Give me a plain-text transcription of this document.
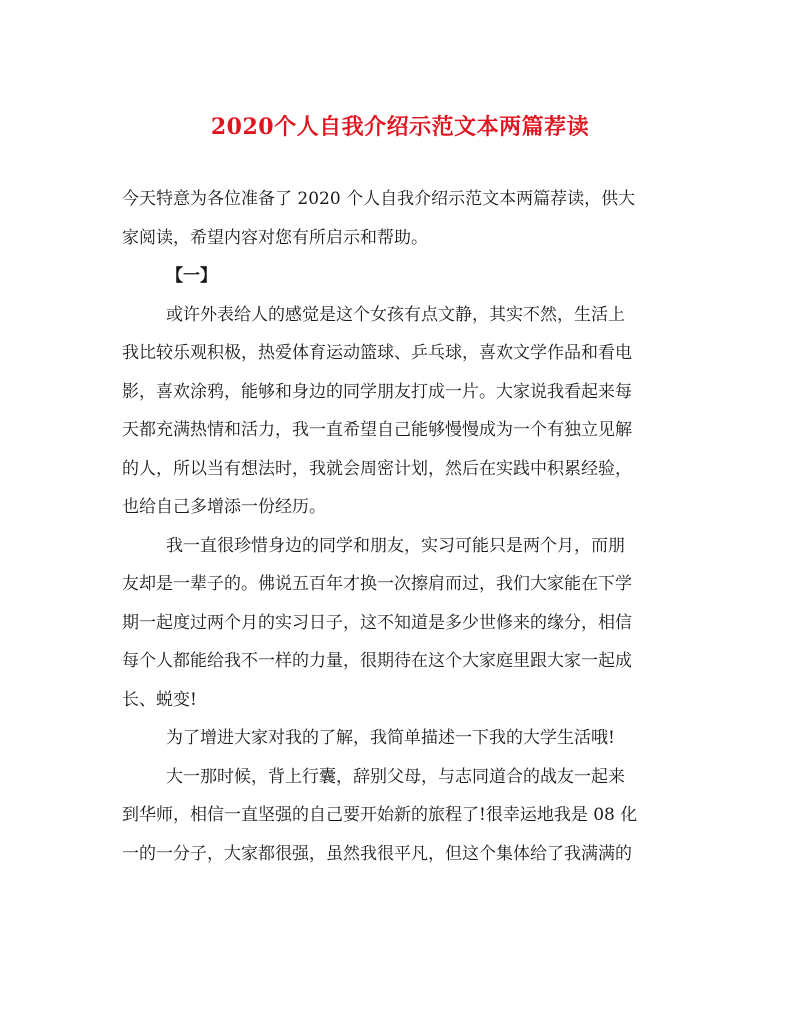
2020个人自我介绍示范文本两篇荐读
今天特意为各位准备了 2020 个人自我介绍示范文本两篇荐读，供大
家阅读，希望内容对您有所启示和帮助。
【一】
或许外表给人的感觉是这个女孩有点文静，其实不然，生活上
我比较乐观积极，热爱体育运动篮球、乒乓球，喜欢文学作品和看电
影，喜欢涂鸦，能够和身边的同学朋友打成一片。大家说我看起来每
天都充满热情和活力，我一直希望自己能够慢慢成为一个有独立见解
的人，所以当有想法时，我就会周密计划，然后在实践中积累经验，
也给自己多增添一份经历。
我一直很珍惜身边的同学和朋友，实习可能只是两个月，而朋
友却是一辈子的。佛说五百年才换一次擦肩而过，我们大家能在下学
期一起度过两个月的实习日子，这不知道是多少世修来的缘分，相信
每个人都能给我不一样的力量，很期待在这个大家庭里跟大家一起成
长、蜕变!
为了增进大家对我的了解，我简单描述一下我的大学生活哦!
大一那时候，背上行囊，辞别父母，与志同道合的战友一起来
到华师，相信一直坚强的自己要开始新的旅程了!很幸运地我是 08 化
一的一分子，大家都很强，虽然我很平凡，但这个集体给了我满满的
